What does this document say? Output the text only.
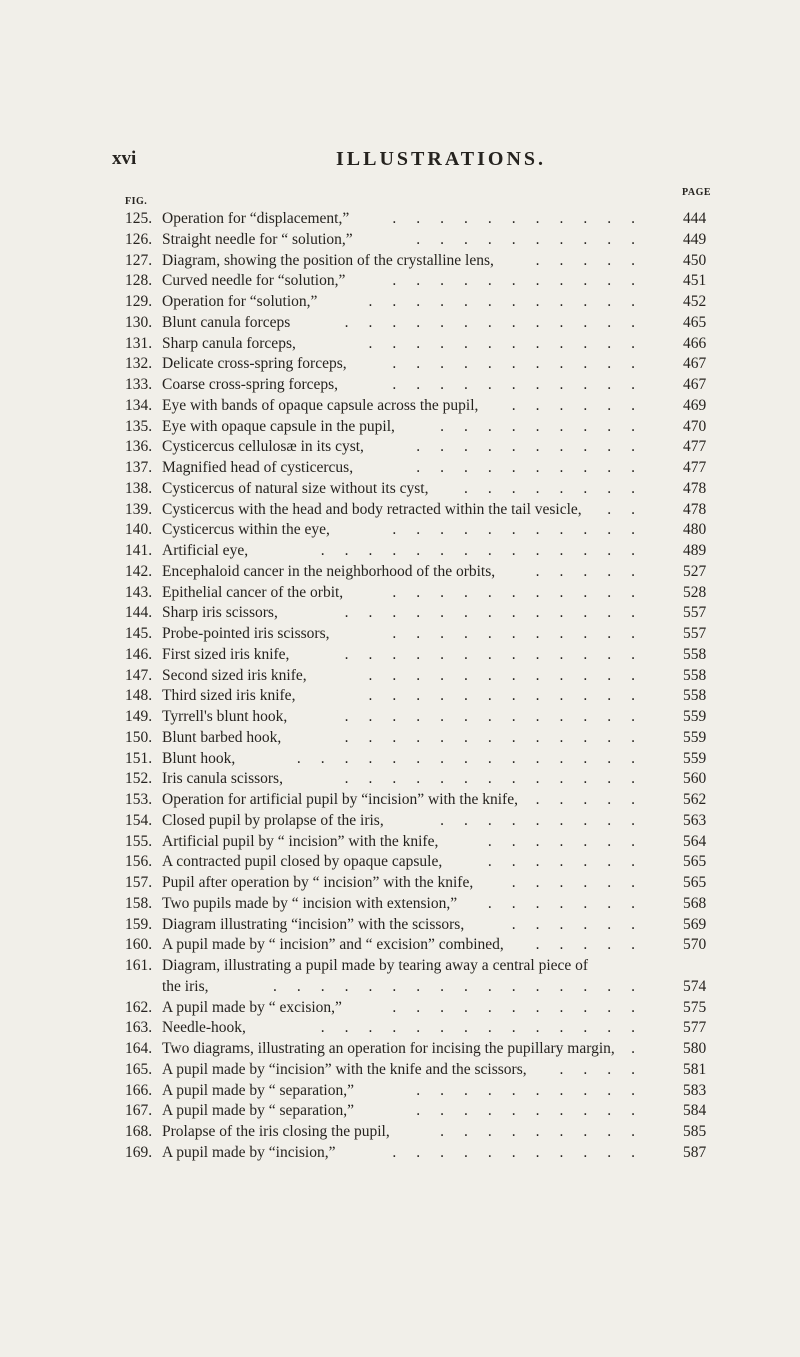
xvi	ILLUSTRATIONS.
FIG.
PAGE
125. Operation for “displacement,”	444
...........
126. Straight needle for “ solution,”	449
..........
127. Diagram, showing the position of the crystalline lens,	450
.....
128. Curved needle for “solution,”	451
...........
129. Operation for “solution,”	452
............
130. Blunt canula forceps	465
.............
131. Sharp canula forceps,	466
............
132. Delicate cross-spring forceps,	467
...........
133. Coarse cross-spring forceps,	467
...........
134. Eye with bands of opaque capsule across the pupil,	469
......
135. Eye with opaque capsule in the pupil,	470
.........
136. Cysticercus cellulosæ in its cyst,	477
..........
137. Magnified head of cysticercus,	477
..........
138. Cysticercus of natural size without its cyst,	478
........
139. Cysticercus with the head and body retracted within the tail vesicle,	478
..
140. Cysticercus within the eye,	480
...........
141. Artificial eye,	489
..............
142. Encephaloid cancer in the neighborhood of the orbits,	527
.....
143. Epithelial cancer of the orbit,	528
...........
144. Sharp iris scissors,	557
.............
145. Probe-pointed iris scissors,	557
...........
146. First sized iris knife,	558
.............
147. Second sized iris knife,	558
............
148. Third sized iris knife,	558
............
149. Tyrrell's blunt hook,	559
.............
150. Blunt barbed hook,	559
.............
151. Blunt hook,	559
...............
152. Iris canula scissors,	560
.............
153. Operation for artificial pupil by “incision” with the knife,	562
.....
154. Closed pupil by prolapse of the iris,	563
.........
155. Artificial pupil by “ incision” with the knife,	564
.......
156. A contracted pupil closed by opaque capsule,	565
.......
157. Pupil after operation by “ incision” with the knife,	565
......
158. Two pupils made by “ incision with extension,”	568
.......
159. Diagram illustrating “incision” with the scissors,	569
......
160. A pupil made by “ incision” and “ excision” combined,	570
.....
161. Diagram, illustrating a pupil made by tearing away a central piece of
the iris,	574
................
162. A pupil made by “ excision,”	575
...........
163. Needle-hook,	577
..............
164. Two diagrams, illustrating an operation for incising the pupillary margin,	580
.
165. A pupil made by “incision” with the knife and the scissors,	581
....
166. A pupil made by “ separation,”	583
..........
167. A pupil made by “ separation,”	584
..........
168. Prolapse of the iris closing the pupil,	585
.........
169. A pupil made by “incision,”	587
...........
